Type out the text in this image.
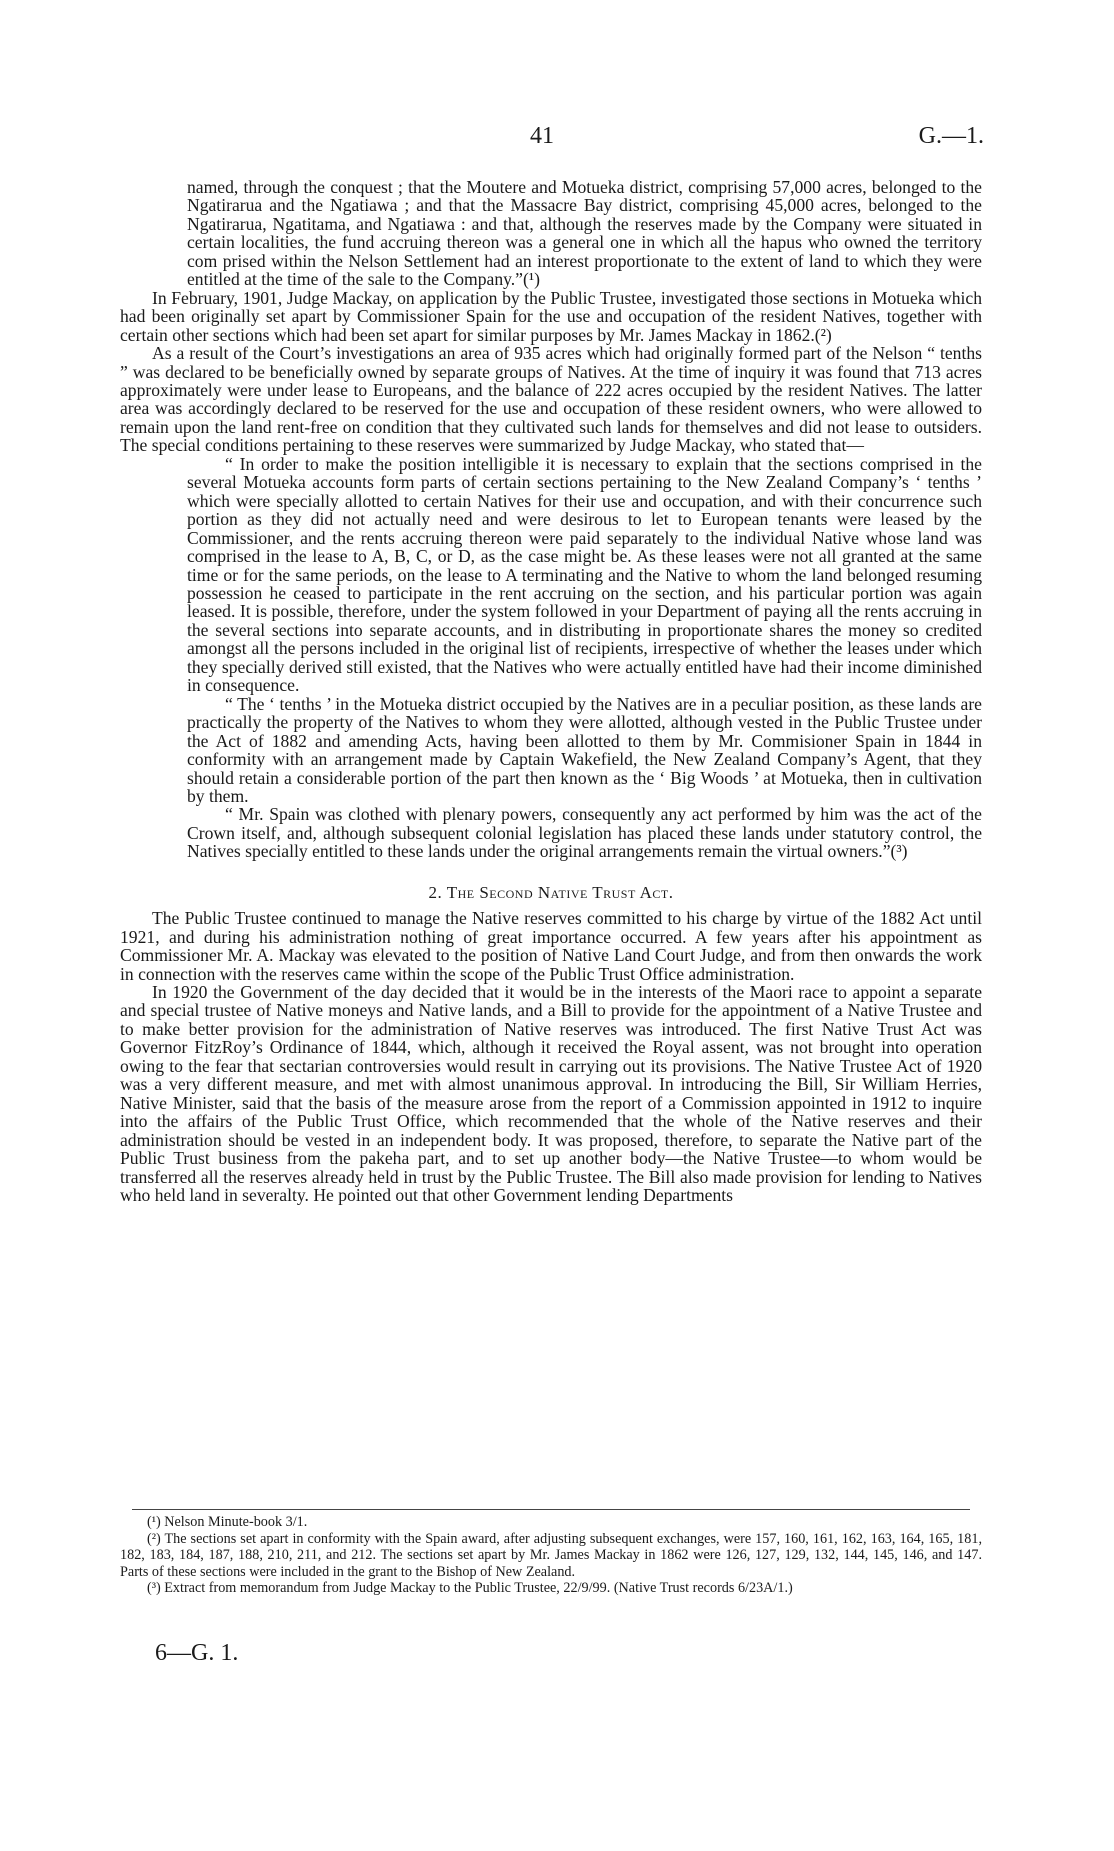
41	G.—1.

named, through the conquest ; that the Moutere and Motueka district, comprising 57,000 acres, belonged to the Ngatirarua and the Ngatiawa ; and that the Massacre Bay district, comprising 45,000 acres, belonged to the Ngatirarua, Ngatitama, and Ngatiawa : and that, although the reserves made by the Company were situated in certain localities, the fund accruing thereon was a general one in which all the hapus who owned the territory com prised within the Nelson Settlement had an interest proportionate to the extent of land to which they were entitled at the time of the sale to the Company.”(¹)

In February, 1901, Judge Mackay, on application by the Public Trustee, investigated those sections in Motueka which had been originally set apart by Commissioner Spain for the use and occupation of the resident Natives, together with certain other sections which had been set apart for similar purposes by Mr. James Mackay in 1862.(²)

As a result of the Court’s investigations an area of 935 acres which had originally formed part of the Nelson “ tenths ” was declared to be beneficially owned by separate groups of Natives. At the time of inquiry it was found that 713 acres approximately were under lease to Europeans, and the balance of 222 acres occupied by the resident Natives. The latter area was accordingly declared to be reserved for the use and occupation of these resident owners, who were allowed to remain upon the land rent-free on condition that they cultivated such lands for themselves and did not lease to outsiders. The special conditions pertaining to these reserves were summarized by Judge Mackay, who stated that—

“ In order to make the position intelligible it is necessary to explain that the sections comprised in the several Motueka accounts form parts of certain sections pertaining to the New Zealand Company’s ‘ tenths ’ which were specially allotted to certain Natives for their use and occupation, and with their concurrence such portion as they did not actually need and were desirous to let to European tenants were leased by the Commissioner, and the rents accruing thereon were paid separately to the individual Native whose land was comprised in the lease to A, B, C, or D, as the case might be. As these leases were not all granted at the same time or for the same periods, on the lease to A terminating and the Native to whom the land belonged resuming possession he ceased to participate in the rent accruing on the section, and his particular portion was again leased. It is possible, therefore, under the system followed in your Department of paying all the rents accruing in the several sections into separate accounts, and in distributing in proportionate shares the money so credited amongst all the persons included in the original list of recipients, irrespective of whether the leases under which they specially derived still existed, that the Natives who were actually entitled have had their income diminished in consequence.

“ The ‘ tenths ’ in the Motueka district occupied by the Natives are in a peculiar position, as these lands are practically the property of the Natives to whom they were allotted, although vested in the Public Trustee under the Act of 1882 and amending Acts, having been allotted to them by Mr. Commisioner Spain in 1844 in conformity with an arrangement made by Captain Wakefield, the New Zealand Company’s Agent, that they should retain a considerable portion of the part then known as the ‘ Big Woods ’ at Motueka, then in cultivation by them.

“ Mr. Spain was clothed with plenary powers, consequently any act performed by him was the act of the Crown itself, and, although subsequent colonial legislation has placed these lands under statutory control, the Natives specially entitled to these lands under the original arrangements remain the virtual owners.”(³)

2. The Second Native Trust Act.

The Public Trustee continued to manage the Native reserves committed to his charge by virtue of the 1882 Act until 1921, and during his administration nothing of great importance occurred. A few years after his appointment as Commissioner Mr. A. Mackay was elevated to the position of Native Land Court Judge, and from then onwards the work in connection with the reserves came within the scope of the Public Trust Office administration.

In 1920 the Government of the day decided that it would be in the interests of the Maori race to appoint a separate and special trustee of Native moneys and Native lands, and a Bill to provide for the appointment of a Native Trustee and to make better provision for the administration of Native reserves was introduced. The first Native Trust Act was Governor FitzRoy’s Ordinance of 1844, which, although it received the Royal assent, was not brought into operation owing to the fear that sectarian controversies would result in carrying out its provisions. The Native Trustee Act of 1920 was a very different measure, and met with almost unanimous approval. In introducing the Bill, Sir William Herries, Native Minister, said that the basis of the measure arose from the report of a Commission appointed in 1912 to inquire into the affairs of the Public Trust Office, which recommended that the whole of the Native reserves and their administration should be vested in an independent body. It was proposed, therefore, to separate the Native part of the Public Trust business from the pakeha part, and to set up another body—the Native Trustee—to whom would be transferred all the reserves already held in trust by the Public Trustee. The Bill also made provision for lending to Natives who held land in severalty. He pointed out that other Government lending Departments

(¹) Nelson Minute-book 3/1.

(²) The sections set apart in conformity with the Spain award, after adjusting subsequent exchanges, were 157, 160, 161, 162, 163, 164, 165, 181, 182, 183, 184, 187, 188, 210, 211, and 212. The sections set apart by Mr. James Mackay in 1862 were 126, 127, 129, 132, 144, 145, 146, and 147. Parts of these sections were included in the grant to the Bishop of New Zealand.

(³) Extract from memorandum from Judge Mackay to the Public Trustee, 22/9/99. (Native Trust records 6/23A/1.)

6—G. 1.
